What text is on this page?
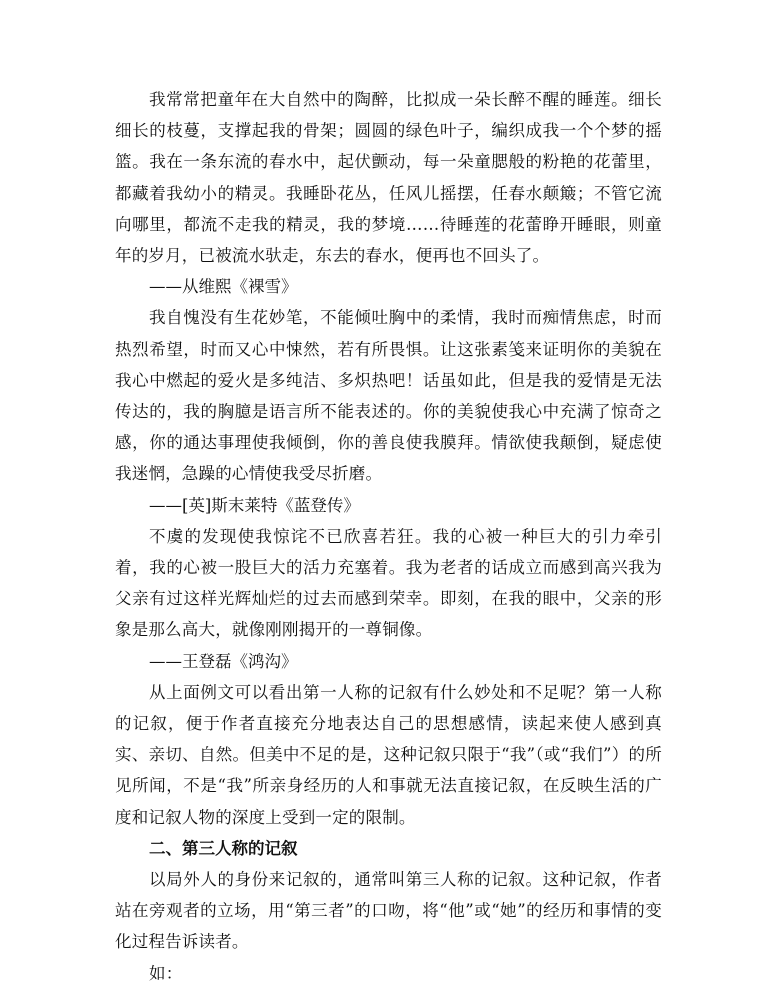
我常常把童年在大自然中的陶醉，比拟成一朵长醉不醒的睡莲。细长细长的枝蔓，支撑起我的骨架；圆圆的绿色叶子，编织成我一个个梦的摇篮。我在一条东流的春水中，起伏颤动，每一朵童腮般的粉艳的花蕾里，都藏着我幼小的精灵。我睡卧花丛，任风儿摇摆，任春水颠簸；不管它流向哪里，都流不走我的精灵，我的梦境……待睡莲的花蕾睁开睡眼，则童年的岁月，已被流水驮走，东去的春水，便再也不回头了。

——从维熙《裸雪》

我自愧没有生花妙笔，不能倾吐胸中的柔情，我时而痴情焦虑，时而热烈希望，时而又心中悚然，若有所畏惧。让这张素笺来证明你的美貌在我心中燃起的爱火是多纯洁、多炽热吧！话虽如此，但是我的爱情是无法传达的，我的胸臆是语言所不能表述的。你的美貌使我心中充满了惊奇之感，你的通达事理使我倾倒，你的善良使我膜拜。情欲使我颠倒，疑虑使我迷惘，急躁的心情使我受尽折磨。

——[英]斯末莱特《蓝登传》

不虞的发现使我惊诧不已欣喜若狂。我的心被一种巨大的引力牵引着，我的心被一股巨大的活力充塞着。我为老者的话成立而感到高兴我为父亲有过这样光辉灿烂的过去而感到荣幸。即刻，在我的眼中，父亲的形象是那么高大，就像刚刚揭开的一尊铜像。

——王登磊《鸿沟》

从上面例文可以看出第一人称的记叙有什么妙处和不足呢？第一人称的记叙，便于作者直接充分地表达自己的思想感情，读起来使人感到真实、亲切、自然。但美中不足的是，这种记叙只限于“我”（或“我们”）的所见所闻，不是“我”所亲身经历的人和事就无法直接记叙，在反映生活的广度和记叙人物的深度上受到一定的限制。

二、第三人称的记叙

以局外人的身份来记叙的，通常叫第三人称的记叙。这种记叙，作者站在旁观者的立场，用“第三者”的口吻，将“他”或“她”的经历和事情的变化过程告诉读者。

如：
